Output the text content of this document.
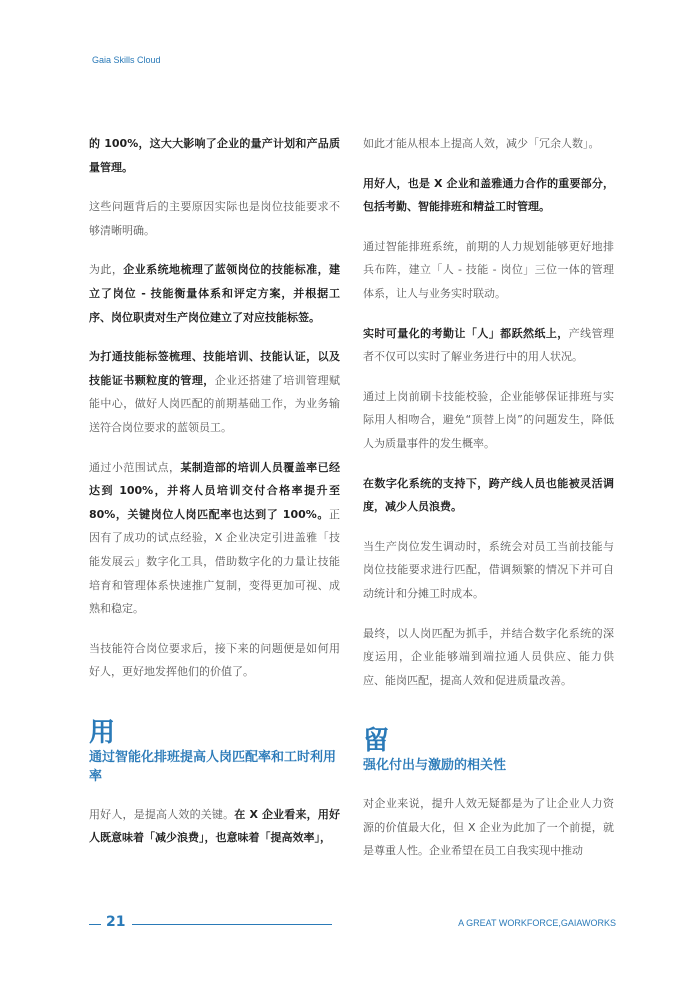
Gaia Skills Cloud

的 100%，这大大影响了企业的量产计划和产品质量管理。

这些问题背后的主要原因实际也是岗位技能要求不够清晰明确。

为此，企业系统地梳理了蓝领岗位的技能标准，建立了岗位 - 技能衡量体系和评定方案，并根据工序、岗位职责对生产岗位建立了对应技能标签。

为打通技能标签梳理、技能培训、技能认证，以及技能证书颗粒度的管理，企业还搭建了培训管理赋能中心，做好人岗匹配的前期基础工作，为业务输送符合岗位要求的蓝领员工。

通过小范围试点，某制造部的培训人员覆盖率已经达到 100%，并将人员培训交付合格率提升至 80%，关键岗位人岗匹配率也达到了 100%。正因有了成功的试点经验，X 企业决定引进盖雅「技能发展云」数字化工具，借助数字化的力量让技能培育和管理体系快速推广复制，变得更加可视、成熟和稳定。

当技能符合岗位要求后，接下来的问题便是如何用好人，更好地发挥他们的价值了。

用
通过智能化排班提高人岗匹配率和工时利用率

用好人，是提高人效的关键。在 X 企业看来，用好人既意味着「减少浪费」，也意味着「提高效率」，

如此才能从根本上提高人效，减少「冗余人数」。

用好人，也是 X 企业和盖雅通力合作的重要部分，包括考勤、智能排班和精益工时管理。

通过智能排班系统，前期的人力规划能够更好地排兵布阵，建立「人 - 技能 - 岗位」三位一体的管理体系，让人与业务实时联动。

实时可量化的考勤让「人」都跃然纸上，产线管理者不仅可以实时了解业务进行中的用人状况。

通过上岗前刷卡技能校验，企业能够保证排班与实际用人相吻合，避免“顶替上岗”的问题发生，降低人为质量事件的发生概率。

在数字化系统的支持下，跨产线人员也能被灵活调度，减少人员浪费。

当生产岗位发生调动时，系统会对员工当前技能与岗位技能要求进行匹配，借调频繁的情况下并可自动统计和分摊工时成本。

最终，以人岗匹配为抓手，并结合数字化系统的深度运用，企业能够端到端拉通人员供应、能力供应、能岗匹配，提高人效和促进质量改善。

留
强化付出与激励的相关性

对企业来说，提升人效无疑都是为了让企业人力资源的价值最大化，但 X 企业为此加了一个前提，就是尊重人性。企业希望在员工自我实现中推动

21	A GREAT WORKFORCE,GAIAWORKS
